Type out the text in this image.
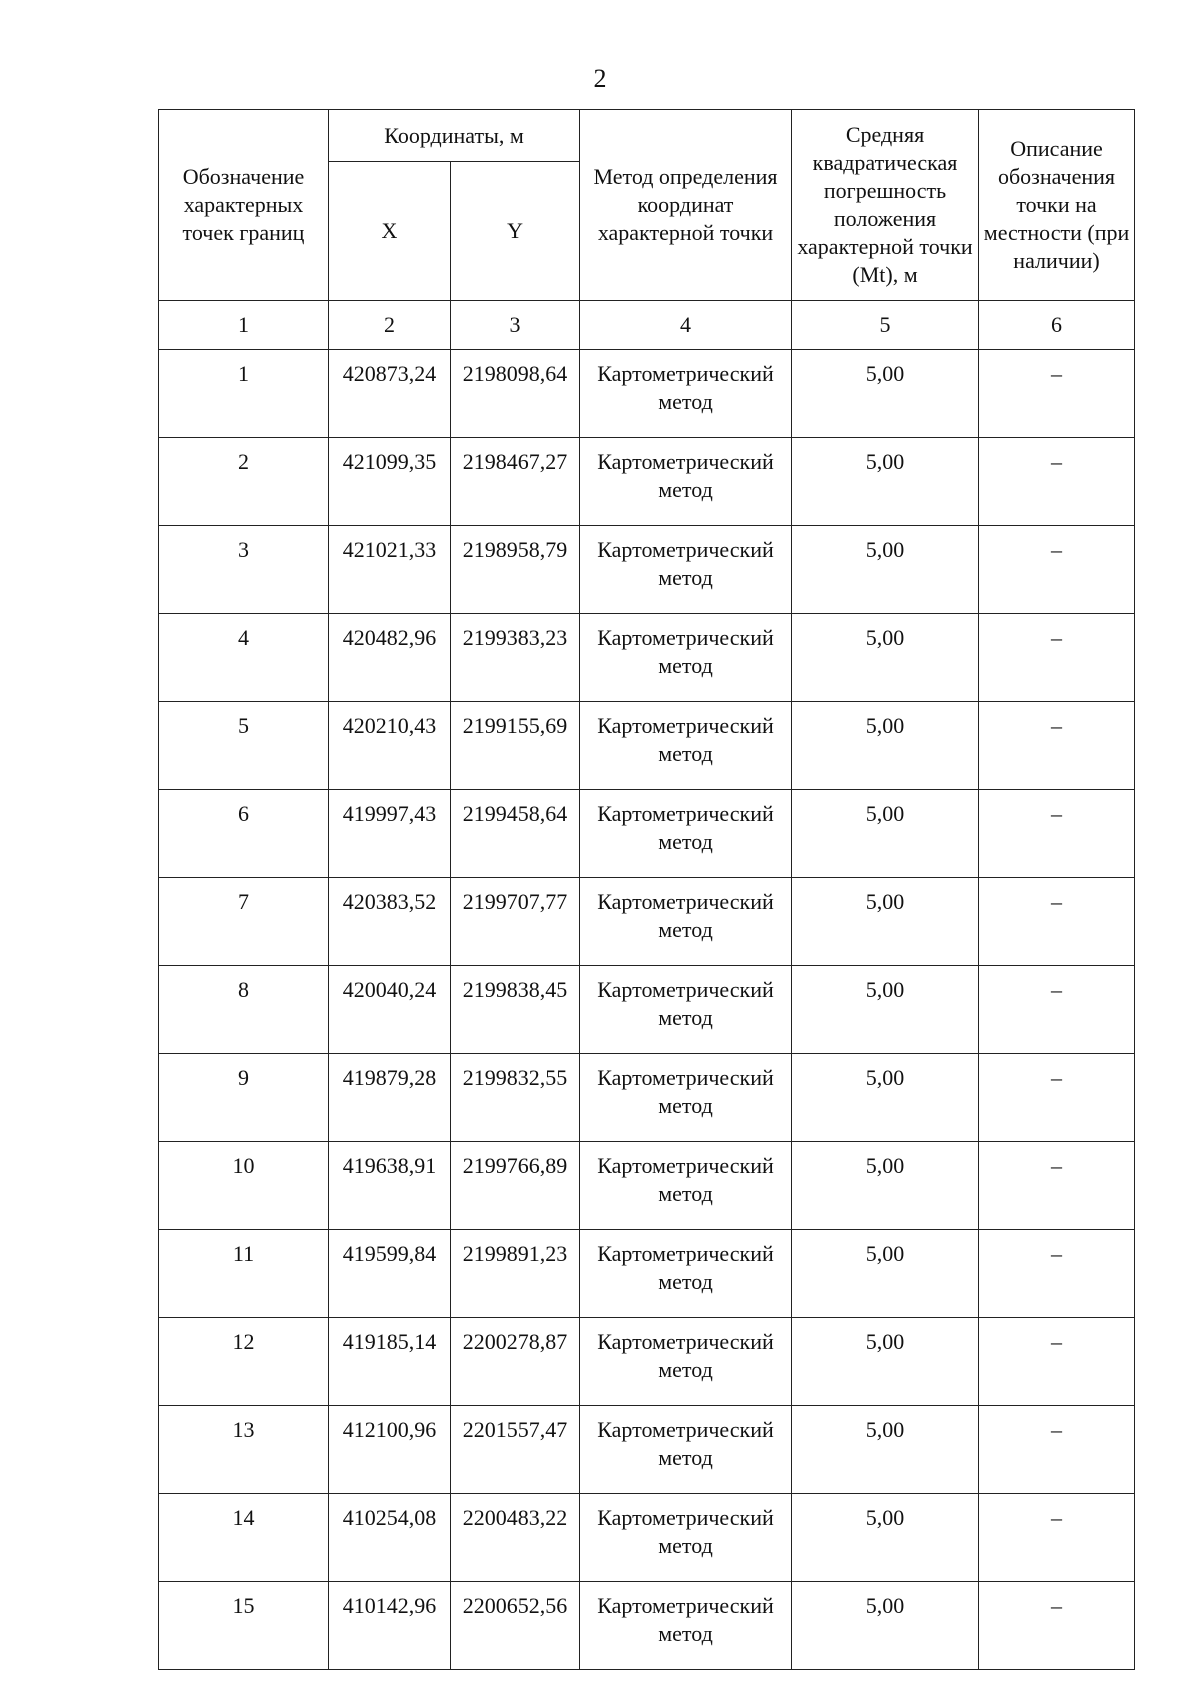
2
Обозначение характерных точек границ	Координаты, м		Метод определения координат характерной точки	Средняя квадратическая погрешность положения характерной точки (Mt), м	Описание обозначения точки на местности (при наличии)
	X	Y			
1	2	3	4	5	6
1	420873,24	2198098,64	Картометрический метод	5,00	–
2	421099,35	2198467,27	Картометрический метод	5,00	–
3	421021,33	2198958,79	Картометрический метод	5,00	–
4	420482,96	2199383,23	Картометрический метод	5,00	–
5	420210,43	2199155,69	Картометрический метод	5,00	–
6	419997,43	2199458,64	Картометрический метод	5,00	–
7	420383,52	2199707,77	Картометрический метод	5,00	–
8	420040,24	2199838,45	Картометрический метод	5,00	–
9	419879,28	2199832,55	Картометрический метод	5,00	–
10	419638,91	2199766,89	Картометрический метод	5,00	–
11	419599,84	2199891,23	Картометрический метод	5,00	–
12	419185,14	2200278,87	Картометрический метод	5,00	–
13	412100,96	2201557,47	Картометрический метод	5,00	–
14	410254,08	2200483,22	Картометрический метод	5,00	–
15	410142,96	2200652,56	Картометрический метод	5,00	–
